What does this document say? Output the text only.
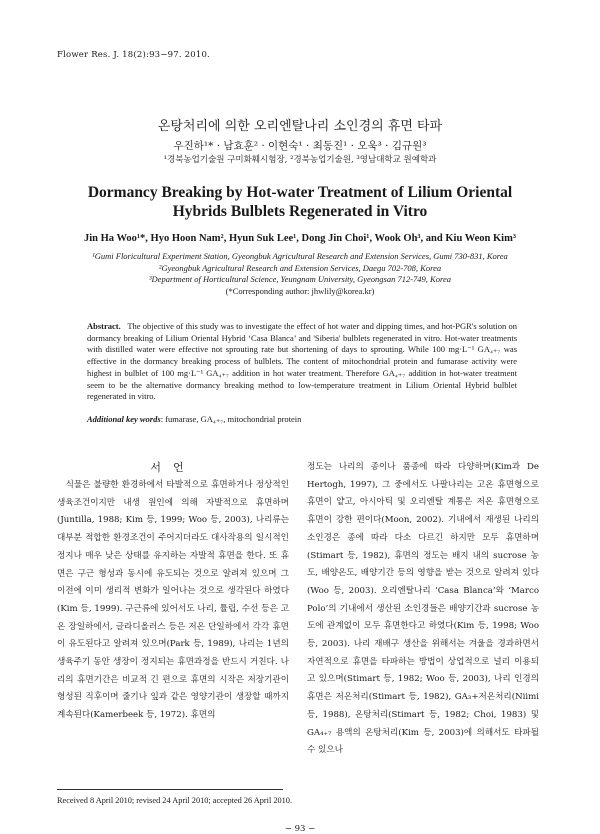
Flower Res. J. 18(2):93−97. 2010.
온탕처리에 의한 오리엔탈나리 소인경의 휴면 타파
우진하¹* · 남효훈² · 이현숙¹ · 최동진¹ · 오욱³ · 김규원³
¹경북농업기술원 구미화훼시험장, ²경북농업기술원, ³영남대학교 원예학과
Dormancy Breaking by Hot-water Treatment of Lilium Oriental
Hybrids Bulblets Regenerated in Vitro
Jin Ha Woo¹*, Hyo Hoon Nam², Hyun Suk Lee¹, Dong Jin Choi¹, Wook Oh³, and Kiu Weon Kim³
¹Gumi Floricultural Experiment Station, Gyeongbuk Agricultural Research and Extension Services, Gumi 730-831, Korea
²Gyeongbuk Agricultural Research and Extension Services, Daegu 702-708, Korea
³Department of Horticultural Science, Yeungnam University, Gyeongsan 712-749, Korea
(*Corresponding author: jhwlily@korea.kr)
Abstract. The objective of this study was to investigate the effect of hot water and dipping times, and hot-PGR's solution on dormancy breaking of Lilium Oriental Hybrid ‘Casa Blanca’ and 'Siberia' bulblets regenerated in vitro. Hot-water treatments with distilled water were effective not sprouting rate but shortening of days to sprouting. While 100 mg·L⁻¹ GA₄₊₇ was effective in the dormancy breaking process of bulblets. The content of mitochondrial protein and fumarase activity were highest in bulblet of 100 mg·L⁻¹ GA₄₊₇ addition in hot water treatment. Therefore GA₄₊₇ addition in hot-water treatment seem to be the alternative dormancy breaking method to low-temperature treatment in Lilium Oriental Hybrid bulblet regenerated in vitro.
Additional key words: fumarase, GA₄₊₇, mitochondrial protein
서언

식물은 불량한 환경하에서 타발적으로 휴면하거나 정상적인 생육조건이지만 내생 원인에 의해 자발적으로 휴면하며(Juntilla, 1988; Kim 등, 1999; Woo 등, 2003), 나리류는 대부분 적합한 환경조건이 주어지더라도 대사작용의 일시적인 정지나 매우 낮은 상태를 유지하는 자발적 휴면을 한다. 또 휴면은 구근 형성과 동시에 유도되는 것으로 알려져 있으며 그 이전에 이미 생리적 변화가 일어나는 것으로 생각된다 하였다(Kim 등, 1999). 구근류에 있어서도 나리, 튤립, 수선 등은 고온 장일하에서, 글라디올러스 등은 저온 단일하에서 각각 휴면이 유도된다고 알려져 있으며(Park 등, 1989), 나리는 1년의 생육주기 동안 생장이 정지되는 휴면과정을 반드시 거친다. 나리의 휴면기간은 비교적 긴 편으로 휴면의 시작은 저장기관이 형성된 직후이며 줄기나 잎과 같은 영양기관이 생장할 때까지 계속된다(Kamerbeek 등, 1972). 휴면의

정도는 나리의 종이나 품종에 따라 다양하며(Kim과 De Hertogh, 1997), 그 중에서도 나팔나리는 고온 휴면형으로 휴면이 얕고, 아시아틱 및 오리엔탈 계통은 저온 휴면형으로 휴면이 강한 편이다(Moon, 2002). 기내에서 재생된 나리의 소인경은 종에 따라 다소 다르긴 하지만 모두 휴면하며(Stimart 등, 1982), 휴면의 정도는 배지 내의 sucrose 농도, 배양온도, 배양기간 등의 영향을 받는 것으로 알려져 있다(Woo 등, 2003). 오리엔탈나리 ‘Casa Blanca’와 ‘Marco Polo’의 기내에서 생산된 소인경들은 배양기간과 sucrose 농도에 관계없이 모두 휴면한다고 하였다(Kim 등, 1998; Woo 등, 2003). 나리 재배구 생산을 위해서는 겨울을 경과하면서 자연적으로 휴면을 타파하는 방법이 상업적으로 널리 이용되고 있으며(Stimart 등, 1982; Woo 등, 2003), 나리 인경의 휴면은 저온처리(Stimart 등, 1982), GA₃+저온처리(Niimi 등, 1988), 온탕처리(Stimart 등, 1982; Choi, 1983) 및 GA₄₊₇ 용액의 온탕처리(Kim 등, 2003)에 의해서도 타파될 수 있으나

Received 8 April 2010; revised 24 April 2010; accepted 26 April 2010.
− 93 −
